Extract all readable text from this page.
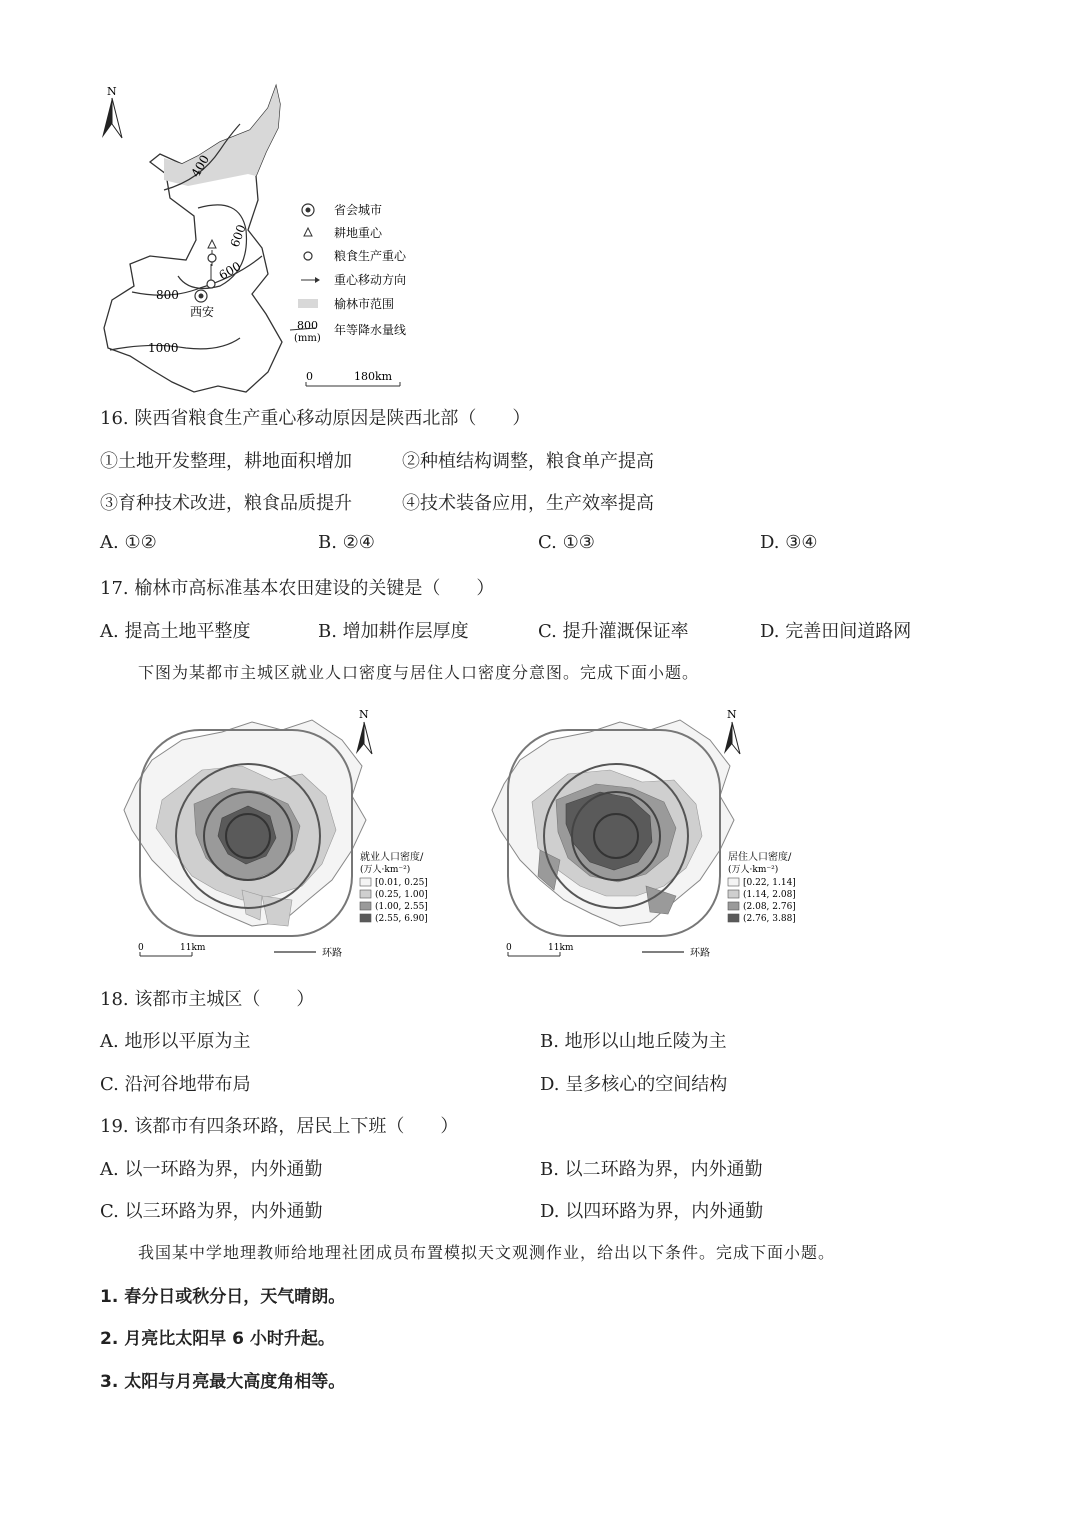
N
400
600
600
800
1000
西安
省会城市
耕地重心
粮食生产重心
重心移动方向
榆林市范围
800
(mm)
年等降水量线
0	180km
16. 陕西省粮食生产重心移动原因是陕西北部（　　）
①土地开发整理，耕地面积增加	②种植结构调整，粮食单产提高
③育种技术改进，粮食品质提升	④技术装备应用，生产效率提高
A. ①②	B. ②④	C. ①③	D. ③④
17. 榆林市高标准基本农田建设的关键是（　　）
A. 提高土地平整度	B. 增加耕作层厚度	C. 提升灌溉保证率	D. 完善田间道路网
下图为某都市主城区就业人口密度与居住人口密度分意图。完成下面小题。
N
就业人口密度/
(万人·km⁻²)
[0.01, 0.25]
(0.25, 1.00]
(1.00, 2.55]
(2.55, 6.90]
0	11km	环路
N
居住人口密度/
(万人·km⁻²)
[0.22, 1.14]
(1.14, 2.08]
(2.08, 2.76]
(2.76, 3.88]
0	11km	环路
18. 该都市主城区（　　）
A. 地形以平原为主	B. 地形以山地丘陵为主
C. 沿河谷地带布局	D. 呈多核心的空间结构
19. 该都市有四条环路，居民上下班（　　）
A. 以一环路为界，内外通勤	B. 以二环路为界，内外通勤
C. 以三环路为界，内外通勤	D. 以四环路为界，内外通勤
我国某中学地理教师给地理社团成员布置模拟天文观测作业，给出以下条件。完成下面小题。
1. 春分日或秋分日，天气晴朗。
2. 月亮比太阳早 6 小时升起。
3. 太阳与月亮最大高度角相等。
